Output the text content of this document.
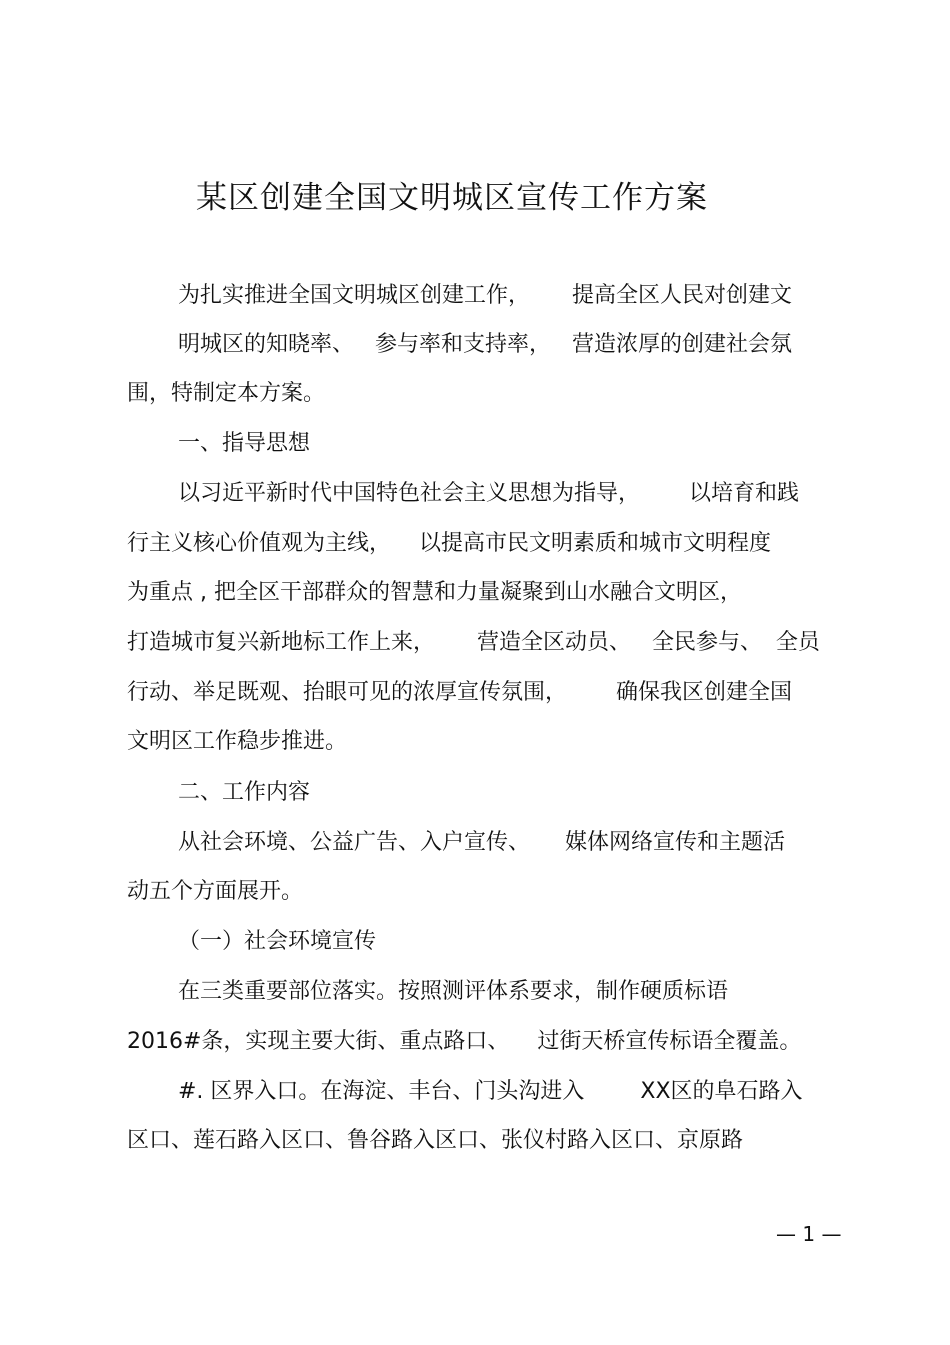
某区创建全国文明城区宣传工作方案
为扎实推进全国文明城区创建工作，      提高全区人民对创建文
明城区的知晓率、   参与率和支持率，   营造浓厚的创建社会氛
围，特制定本方案。
一、指导思想
以习近平新时代中国特色社会主义思想为指导，       以培育和践
行主义核心价值观为主线，    以提高市民文明素质和城市文明程度
为重点 , 把全区干部群众的智慧和力量凝聚到山水融合文明区，
打造城市复兴新地标工作上来，      营造全区动员、   全民参与、  全员
行动、举足既观、抬眼可见的浓厚宣传氛围，       确保我区创建全国
文明区工作稳步推进。
二、工作内容
从社会环境、公益广告、入户宣传、     媒体网络宣传和主题活
动五个方面展开。
（一）社会环境宣传
在三类重要部位落实。按照测评体系要求，制作硬质标语
2016#条，实现主要大街、重点路口、    过街天桥宣传标语全覆盖。
#. 区界入口。在海淀、丰台、门头沟进入        XX区的阜石路入
区口、莲石路入区口、鲁谷路入区口、张仪村路入区口、京原路
— 1 —
